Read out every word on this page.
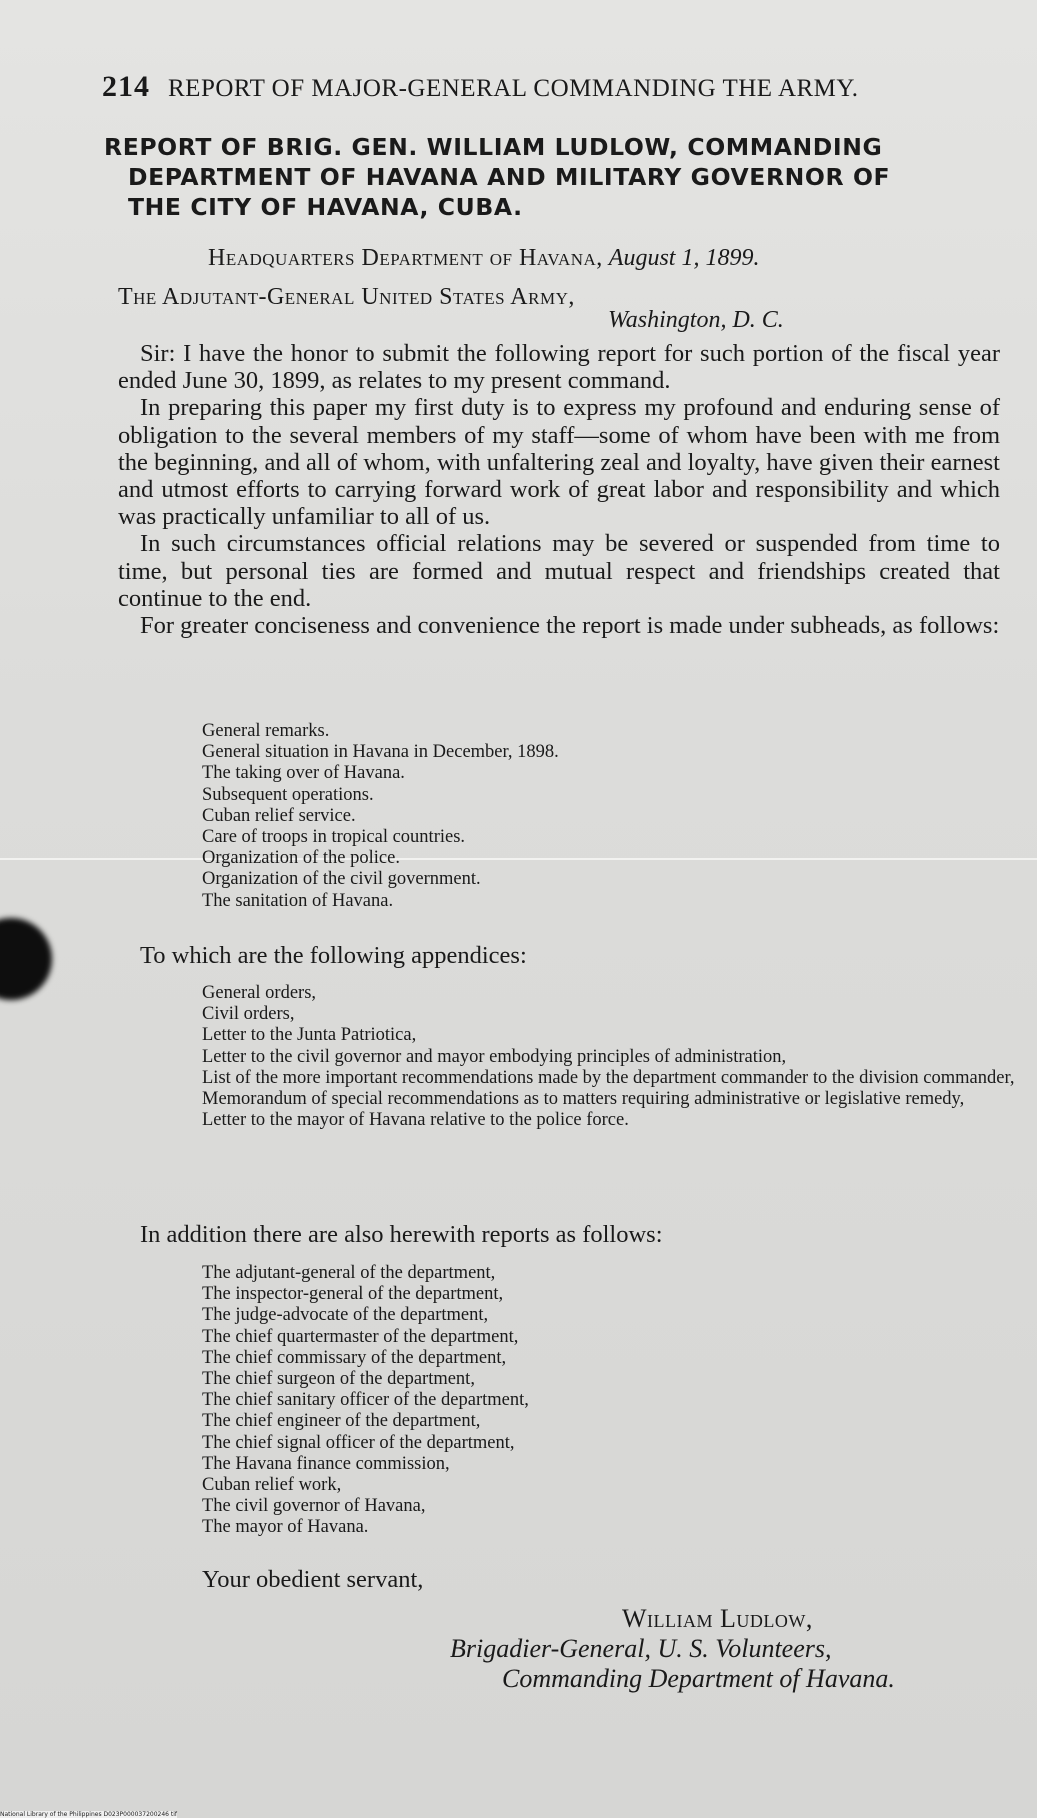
214 REPORT OF MAJOR-GENERAL COMMANDING THE ARMY.
REPORT OF BRIG. GEN. WILLIAM LUDLOW, COMMANDING
DEPARTMENT OF HAVANA AND MILITARY GOVERNOR OF
THE CITY OF HAVANA, CUBA.
Headquarters Department of Havana, August 1, 1899.
The Adjutant-General United States Army,
Washington, D. C.

Sir: I have the honor to submit the following report for such portion of the fiscal year ended June 30, 1899, as relates to my present command.

In preparing this paper my first duty is to express my profound and enduring sense of obligation to the several members of my staff—some of whom have been with me from the beginning, and all of whom, with unfaltering zeal and loyalty, have given their earnest and utmost efforts to carrying forward work of great labor and responsibility and which was practically unfamiliar to all of us.

In such circumstances official relations may be severed or suspended from time to time, but personal ties are formed and mutual respect and friendships created that continue to the end.

For greater conciseness and convenience the report is made under subheads, as follows:

General remarks.
General situation in Havana in December, 1898.
The taking over of Havana.
Subsequent operations.
Cuban relief service.
Care of troops in tropical countries.
Organization of the police.
Organization of the civil government.
The sanitation of Havana.
To which are the following appendices:
General orders,
Civil orders,
Letter to the Junta Patriotica,
Letter to the civil governor and mayor embodying principles of administration,
List of the more important recommendations made by the department commander to the division commander,
Memorandum of special recommendations as to matters requiring administrative or legislative remedy,
Letter to the mayor of Havana relative to the police force.
In addition there are also herewith reports as follows:
The adjutant-general of the department,
The inspector-general of the department,
The judge-advocate of the department,
The chief quartermaster of the department,
The chief commissary of the department,
The chief surgeon of the department,
The chief sanitary officer of the department,
The chief engineer of the department,
The chief signal officer of the department,
The Havana finance commission,
Cuban relief work,
The civil governor of Havana,
The mayor of Havana.
Your obedient servant,
William Ludlow,
Brigadier-General, U. S. Volunteers,
Commanding Department of Havana.
National Library of the Philippines D023P000037200246 tif
